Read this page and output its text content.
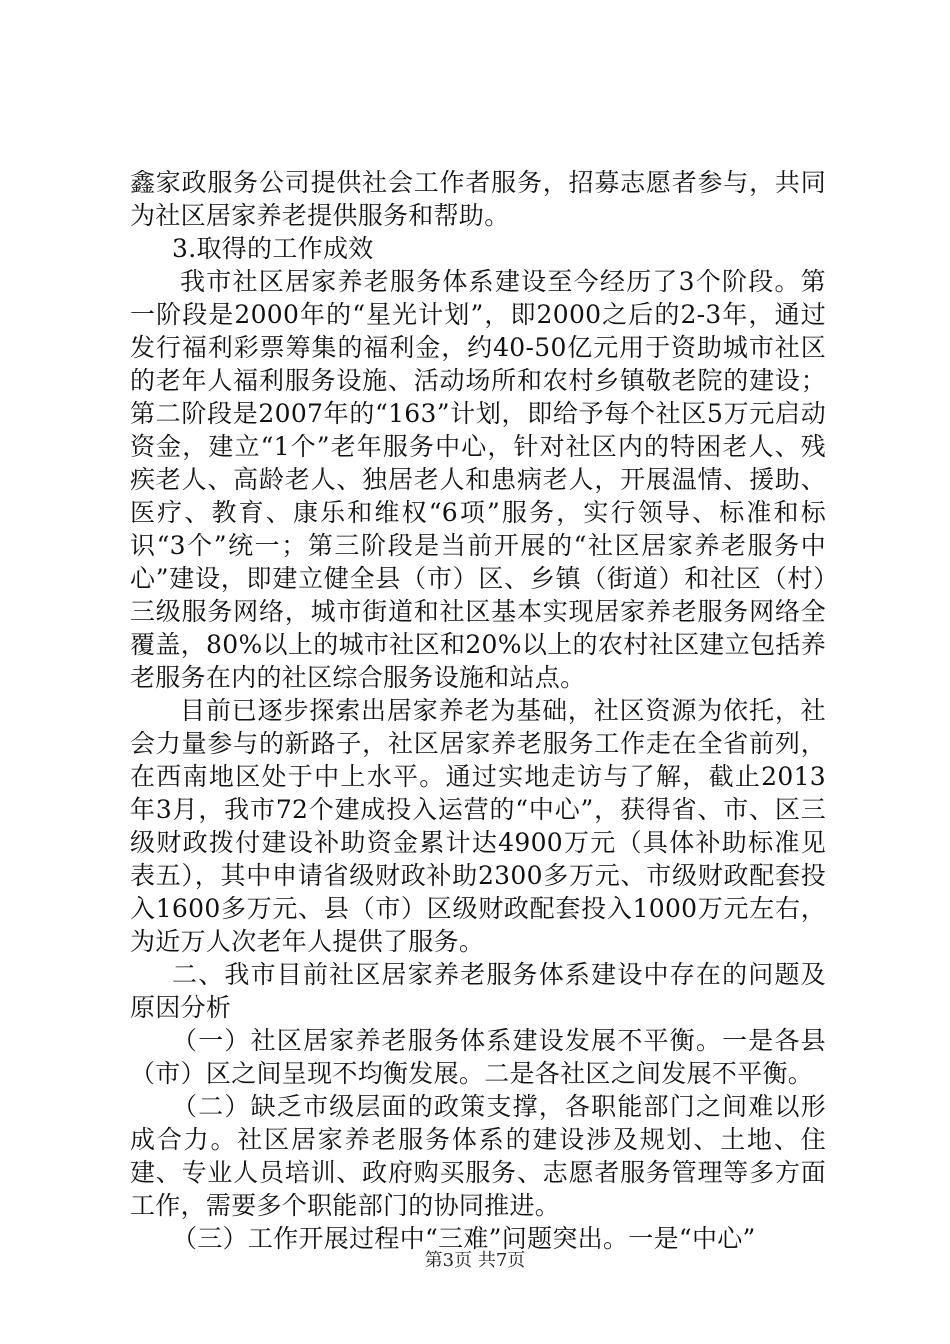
鑫家政服务公司提供社会工作者服务，招募志愿者参与，共同为社区居家养老提供服务和帮助。

3.取得的工作成效

我市社区居家养老服务体系建设至今经历了3个阶段。第一阶段是2000年的“星光计划”，即2000之后的2-3年，通过发行福利彩票筹集的福利金，约40-50亿元用于资助城市社区的老年人福利服务设施、活动场所和农村乡镇敬老院的建设；第二阶段是2007年的“163”计划，即给予每个社区5万元启动资金，建立“1个”老年服务中心，针对社区内的特困老人、残疾老人、高龄老人、独居老人和患病老人，开展温情、援助、医疗、教育、康乐和维权“6项”服务，实行领导、标准和标识“3个”统一；第三阶段是当前开展的“社区居家养老服务中心”建设，即建立健全县（市）区、乡镇（街道）和社区（村）三级服务网络，城市街道和社区基本实现居家养老服务网络全覆盖，80%以上的城市社区和20%以上的农村社区建立包括养老服务在内的社区综合服务设施和站点。

目前已逐步探索出居家养老为基础，社区资源为依托，社会力量参与的新路子，社区居家养老服务工作走在全省前列，在西南地区处于中上水平。通过实地走访与了解，截止2013年3月，我市72个建成投入运营的“中心”，获得省、市、区三级财政拨付建设补助资金累计达4900万元（具体补助标准见表五），其中申请省级财政补助2300多万元、市级财政配套投入1600多万元、县（市）区级财政配套投入1000万元左右，为近万人次老年人提供了服务。

二、我市目前社区居家养老服务体系建设中存在的问题及原因分析

（一）社区居家养老服务体系建设发展不平衡。一是各县（市）区之间呈现不均衡发展。二是各社区之间发展不平衡。

（二）缺乏市级层面的政策支撑，各职能部门之间难以形成合力。社区居家养老服务体系的建设涉及规划、土地、住建、专业人员培训、政府购买服务、志愿者服务管理等多方面工作，需要多个职能部门的协同推进。

（三）工作开展过程中“三难”问题突出。一是“中心”

第3页 共7页
